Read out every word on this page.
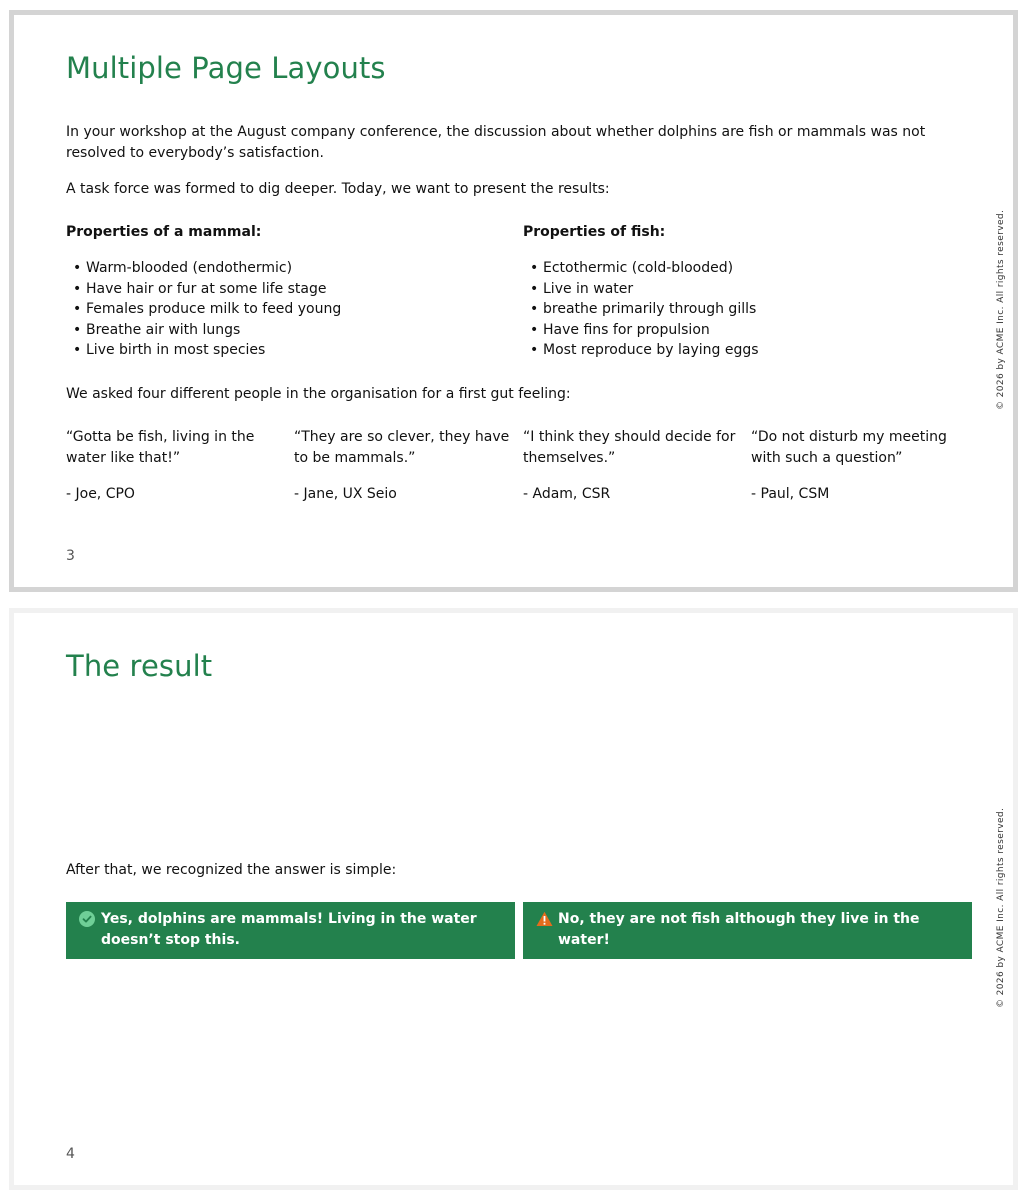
Multiple Page Layouts

In your workshop at the August company conference, the discussion about whether dolphins are fish or mammals was not resolved to everybody’s satisfaction.

A task force was formed to dig deeper. Today, we want to present the results:

Properties of a mammal:

• Warm-blooded (endothermic)
• Have hair or fur at some life stage
• Females produce milk to feed young
• Breathe air with lungs
• Live birth in most species

Properties of fish:

• Ectothermic (cold-blooded)
• Live in water
• breathe primarily through gills
• Have fins for propulsion
• Most reproduce by laying eggs

We asked four different people in the organisation for a first gut feeling:

“Gotta be fish, living in the water like that!”

- Joe, CPO

“They are so clever, they have to be mammals.”

- Jane, UX Seio

“I think they should decide for themselves.”

- Adam, CSR

“Do not disturb my meeting with such a question”

- Paul, CSM

3
© 2026 by ACME Inc. All rights reserved.
The result

After that, we recognized the answer is simple:

Yes, dolphins are mammals! Living in the water doesn’t stop this.
No, they are not fish although they live in the water!
4
© 2026 by ACME Inc. All rights reserved.
